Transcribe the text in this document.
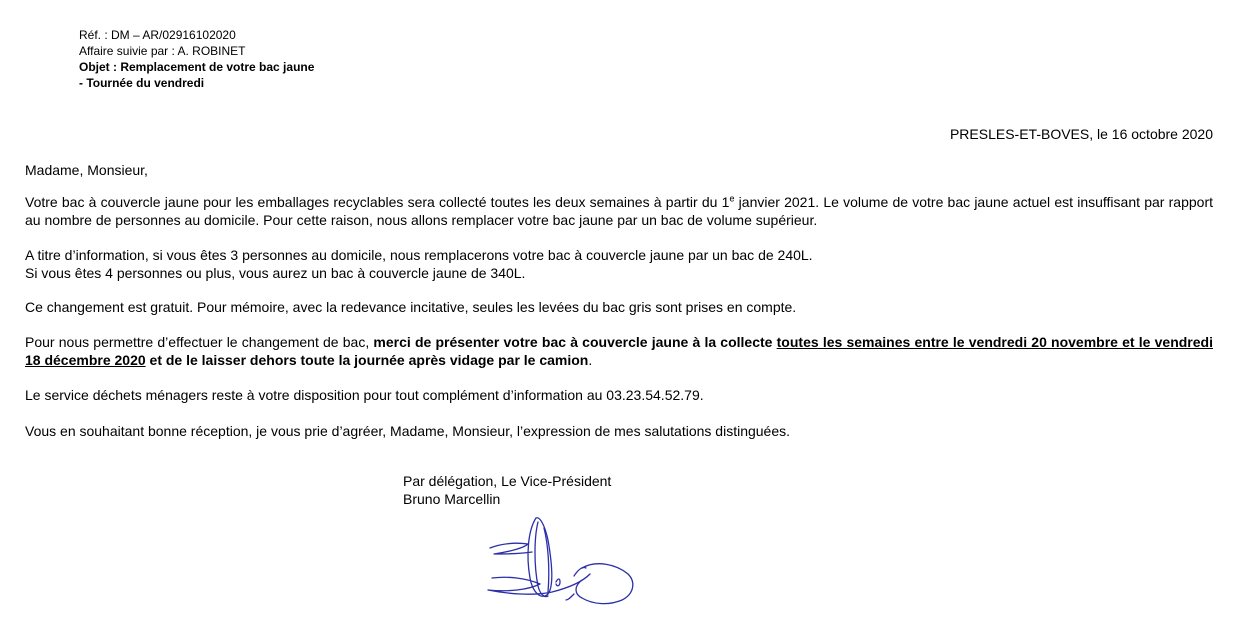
Réf. : DM – AR/02916102020
Affaire suivie par : A. ROBINET
Objet : Remplacement de votre bac jaune
- Tournée du vendredi
PRESLES-ET-BOVES, le 16 octobre 2020

Madame, Monsieur,

Votre bac à couvercle jaune pour les emballages recyclables sera collecté toutes les deux semaines à partir du 1e janvier 2021. Le volume de votre bac jaune actuel est insuffisant par rapport au nombre de personnes au domicile. Pour cette raison, nous allons remplacer votre bac jaune par un bac de volume supérieur.

A titre d’information, si vous êtes 3 personnes au domicile, nous remplacerons votre bac à couvercle jaune par un bac de 240L.
Si vous êtes 4 personnes ou plus, vous aurez un bac à couvercle jaune de 340L.

Ce changement est gratuit. Pour mémoire, avec la redevance incitative, seules les levées du bac gris sont prises en compte.

Pour nous permettre d’effectuer le changement de bac, merci de présenter votre bac à couvercle jaune à la collecte toutes les semaines entre le vendredi 20 novembre et le vendredi 18 décembre 2020 et de le laisser dehors toute la journée après vidage par le camion.

Le service déchets ménagers reste à votre disposition pour tout complément d’information au 03.23.54.52.79.

Vous en souhaitant bonne réception, je vous prie d’agréer, Madame, Monsieur, l’expression de mes salutations distinguées.

Par délégation, Le Vice-Président
Bruno Marcellin
